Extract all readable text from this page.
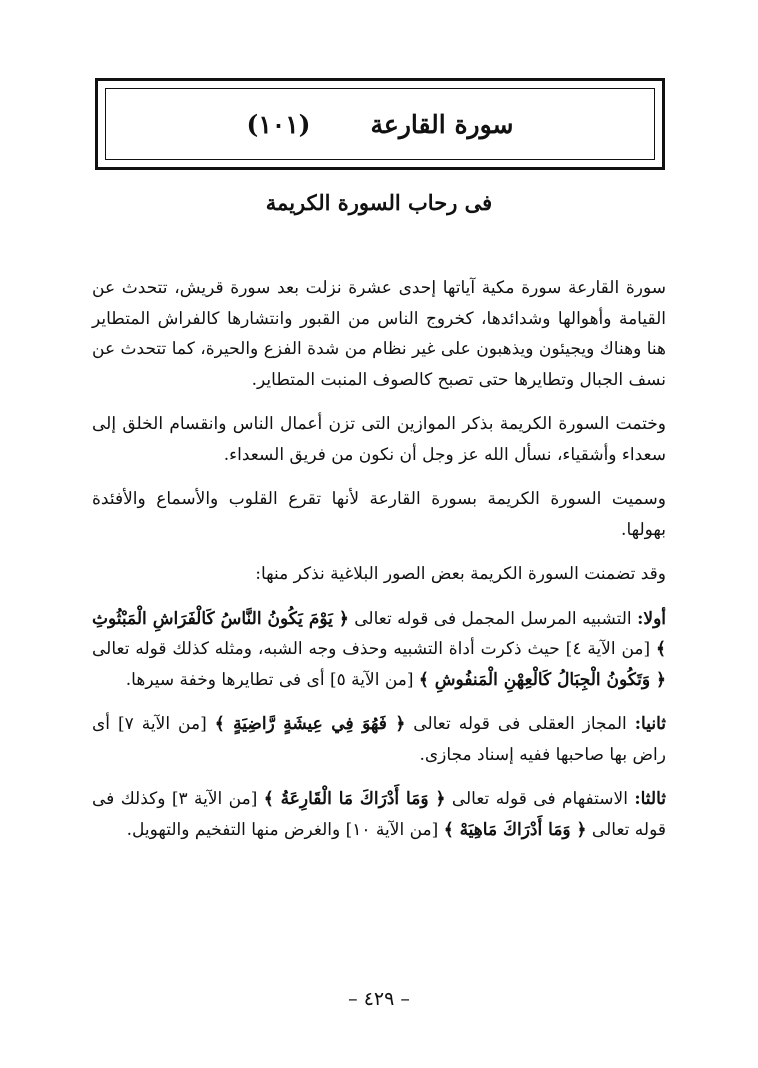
سورة القارعة
(١٠١)
فى رحاب السورة الكريمة

سورة القارعة سورة مكية آياتها إحدى عشرة نزلت بعد سورة قريش، تتحدث عن القيامة وأهوالها وشدائدها، كخروج الناس من القبور وانتشارها كالفراش المتطاير هنا وهناك ويجيئون ويذهبون على غير نظام من شدة الفزع والحيرة، كما تتحدث عن نسف الجبال وتطايرها حتى تصبح كالصوف المنبت المتطاير.

وختمت السورة الكريمة بذكر الموازين التى تزن أعمال الناس وانقسام الخلق إلى سعداء وأشقياء، نسأل الله عز وجل أن نكون من فريق السعداء.

وسميت السورة الكريمة بسورة القارعة لأنها تقرع القلوب والأسماع والأفئدة بهولها.

وقد تضمنت السورة الكريمة بعض الصور البلاغية نذكر منها:

أولا: التشبيه المرسل المجمل فى قوله تعالى ﴿ يَوْمَ يَكُونُ النَّاسُ كَالْفَرَاشِ الْمَبْثُوثِ ﴾ [من الآية ٤] حيث ذكرت أداة التشبيه وحذف وجه الشبه، ومثله كذلك قوله تعالى ﴿ وَتَكُونُ الْجِبَالُ كَالْعِهْنِ الْمَنفُوشِ ﴾ [من الآية ٥] أى فى تطايرها وخفة سيرها.

ثانيا: المجاز العقلى فى قوله تعالى ﴿ فَهُوَ فِي عِيشَةٍ رَّاضِيَةٍ ﴾ [من الآية ٧] أى راض بها صاحبها ففيه إسناد مجازى.

ثالثا: الاستفهام فى قوله تعالى ﴿ وَمَا أَدْرَاكَ مَا الْقَارِعَةُ ﴾ [من الآية ٣] وكذلك فى قوله تعالى ﴿ وَمَا أَدْرَاكَ مَاهِيَهْ ﴾ [من الآية ١٠] والغرض منها التفخيم والتهويل.

– ٤٢٩ –
